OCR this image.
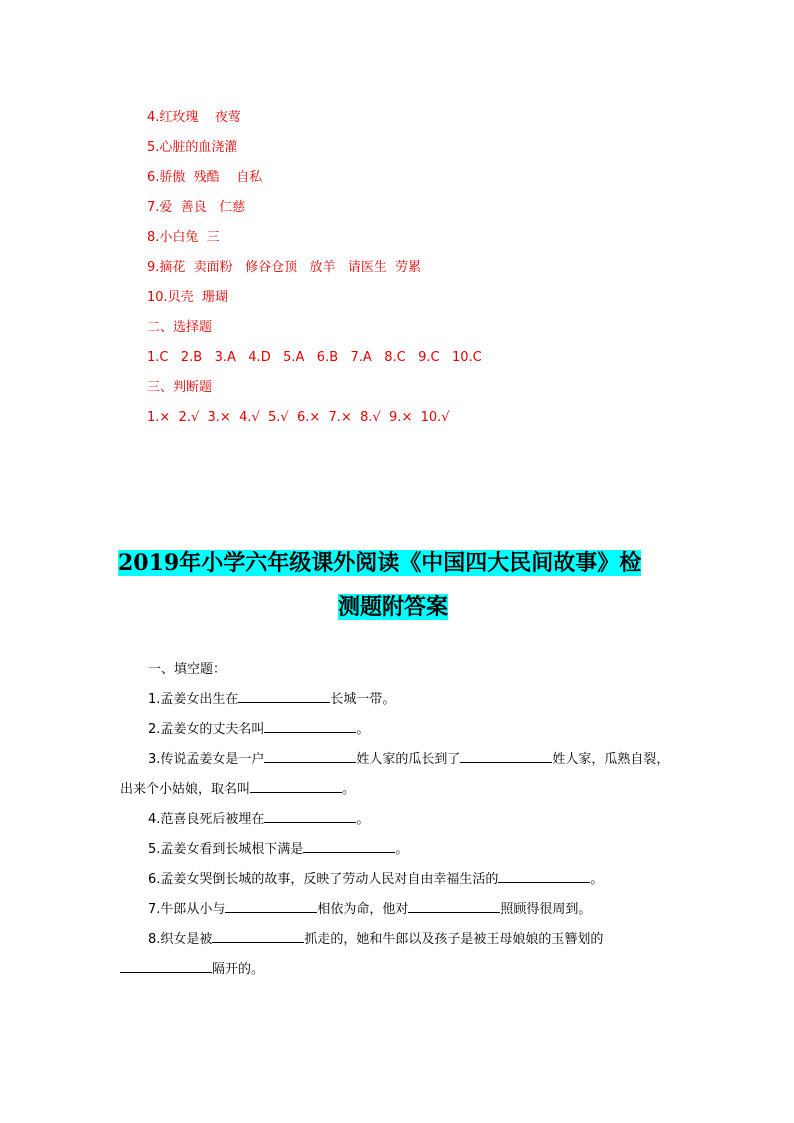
4.红玫瑰    夜莺
5.心脏的血浇灌
6.骄傲  残酷    自私
7.爱  善良   仁慈
8.小白兔  三
9.摘花  卖面粉   修谷仓顶   放羊   请医生  劳累
10.贝壳  珊瑚
二、选择题
1.C   2.B   3.A   4.D   5.A   6.B   7.A   8.C   9.C   10.C
三、判断题
1.×  2.√  3.×  4.√  5.√  6.×  7.×  8.√  9.×  10.√
2019年小学六年级课外阅读《中国四大民间故事》检
测题附答案
一、填空题：
1.孟姜女出生在	长城一带。
2.孟姜女的丈夫名叫	。
3.传说孟姜女是一户	姓人家的瓜长到了	姓人家，瓜熟自裂，出来个小姑娘，取名叫	。
4.范喜良死后被埋在	。
5.孟姜女看到长城根下满是	。
6.孟姜女哭倒长城的故事，反映了劳动人民对自由幸福生活的	。
7.牛郎从小与	相依为命，他对	照顾得很周到。
8.织女是被	抓走的，她和牛郎以及孩子是被王母娘娘的玉簪划的隔开的。
